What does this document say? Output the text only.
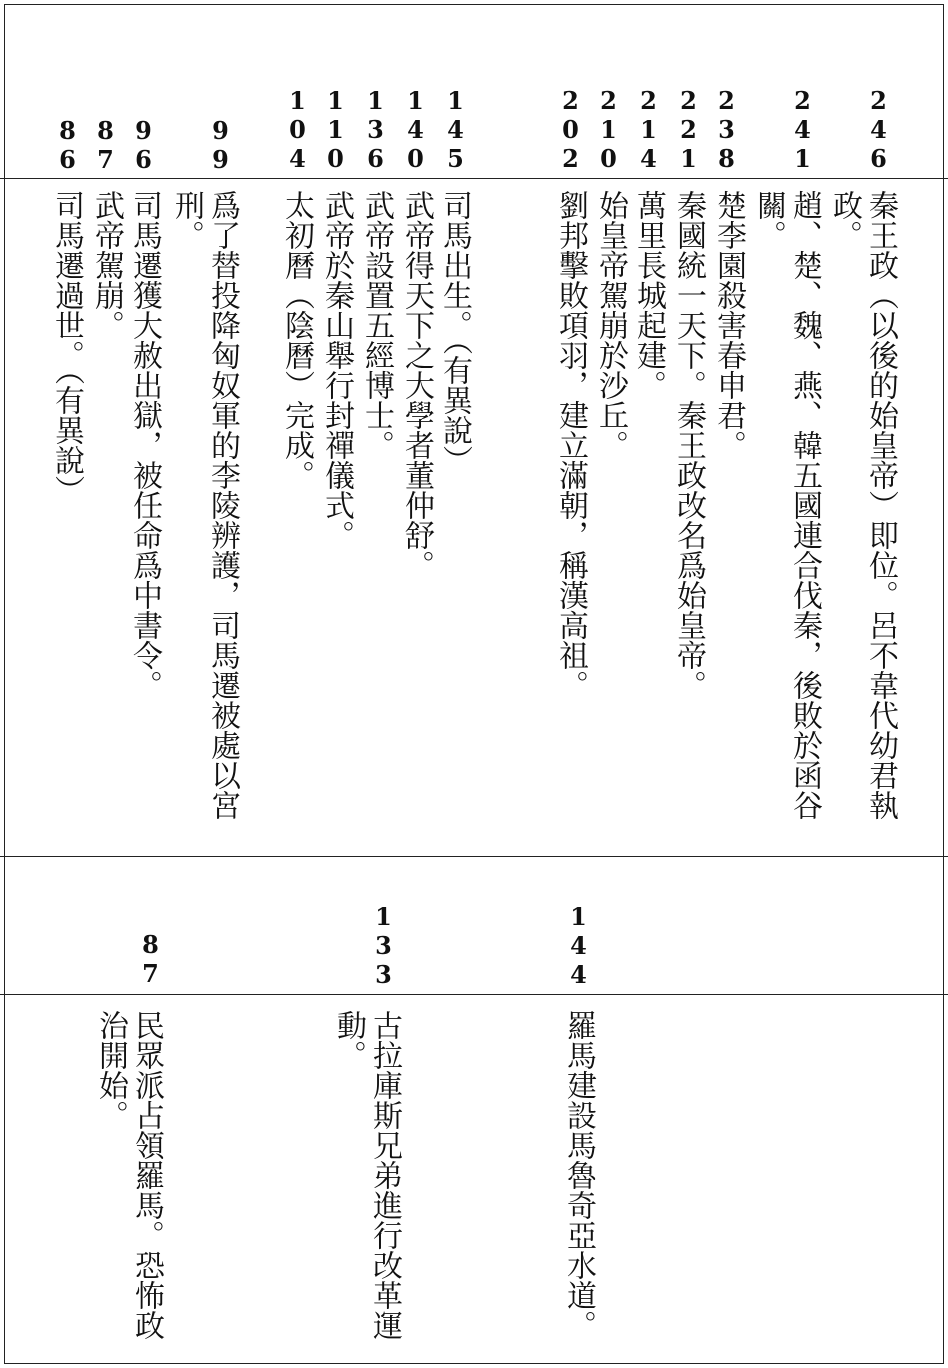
246
241
238
221
214
210
202
145
140
136
110
104
99
96
87
86
秦王政（以後的始皇帝）即位。呂不韋代幼君執
政。
趙、楚、魏、燕、韓五國連合伐秦，後敗於函谷
關。
楚李園殺害春申君。
秦國統一天下。秦王政改名爲始皇帝。
萬里長城起建。
始皇帝駕崩於沙丘。
劉邦擊敗項羽，建立滿朝，稱漢高祖。
司馬出生。（有異說）
武帝得天下之大學者董仲舒。
武帝設置五經博士。
武帝於秦山舉行封禪儀式。
太初曆（陰曆）完成。
爲了替投降匈奴軍的李陵辨護，司馬遷被處以宮
刑。
司馬遷獲大赦出獄，被任命爲中書令。
武帝駕崩。
司馬遷過世。（有異說）
144
133
87
羅馬建設馬魯奇亞水道。
古拉庫斯兄弟進行改革運
動。
民眾派占領羅馬。恐怖政
治開始。
